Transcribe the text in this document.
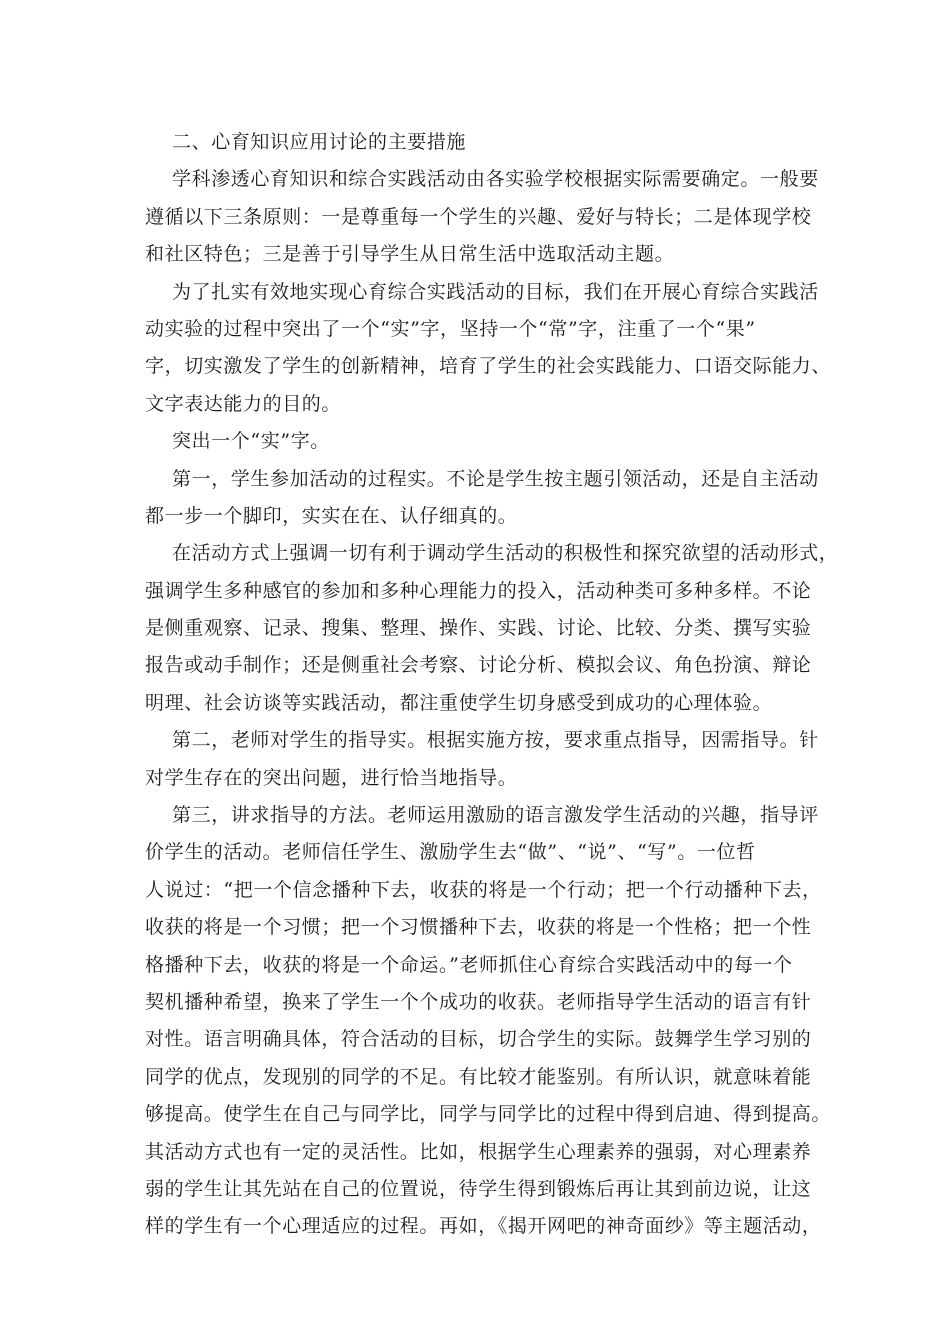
二、心育知识应用讨论的主要措施
学科渗透心育知识和综合实践活动由各实验学校根据实际需要确定。一般要
遵循以下三条原则：一是尊重每一个学生的兴趣、爱好与特长；二是体现学校
和社区特色；三是善于引导学生从日常生活中选取活动主题。
为了扎实有效地实现心育综合实践活动的目标，我们在开展心育综合实践活
动实验的过程中突出了一个“实”字，坚持一个“常”字，注重了一个“果”
字，切实激发了学生的创新精神，培育了学生的社会实践能力、口语交际能力、
文字表达能力的目的。
突出一个“实”字。
第一，学生参加活动的过程实。不论是学生按主题引领活动，还是自主活动
都一步一个脚印，实实在在、认仔细真的。
在活动方式上强调一切有利于调动学生活动的积极性和探究欲望的活动形式，
强调学生多种感官的参加和多种心理能力的投入，活动种类可多种多样。不论
是侧重观察、记录、搜集、整理、操作、实践、讨论、比较、分类、撰写实验
报告或动手制作；还是侧重社会考察、讨论分析、模拟会议、角色扮演、辩论
明理、社会访谈等实践活动，都注重使学生切身感受到成功的心理体验。
第二，老师对学生的指导实。根据实施方按，要求重点指导，因需指导。针
对学生存在的突出问题，进行恰当地指导。
第三，讲求指导的方法。老师运用激励的语言激发学生活动的兴趣，指导评
价学生的活动。老师信任学生、激励学生去“做”、“说”、“写”。一位哲
人说过：“把一个信念播种下去，收获的将是一个行动；把一个行动播种下去，
收获的将是一个习惯；把一个习惯播种下去，收获的将是一个性格；把一个性
格播种下去，收获的将是一个命运。”老师抓住心育综合实践活动中的每一个
契机播种希望，换来了学生一个个成功的收获。老师指导学生活动的语言有针
对性。语言明确具体，符合活动的目标，切合学生的实际。鼓舞学生学习别的
同学的优点，发现别的同学的不足。有比较才能鉴别。有所认识，就意味着能
够提高。使学生在自己与同学比，同学与同学比的过程中得到启迪、得到提高。
其活动方式也有一定的灵活性。比如，根据学生心理素养的强弱，对心理素养
弱的学生让其先站在自己的位置说，待学生得到锻炼后再让其到前边说，让这
样的学生有一个心理适应的过程。再如，《揭开网吧的神奇面纱》等主题活动，
